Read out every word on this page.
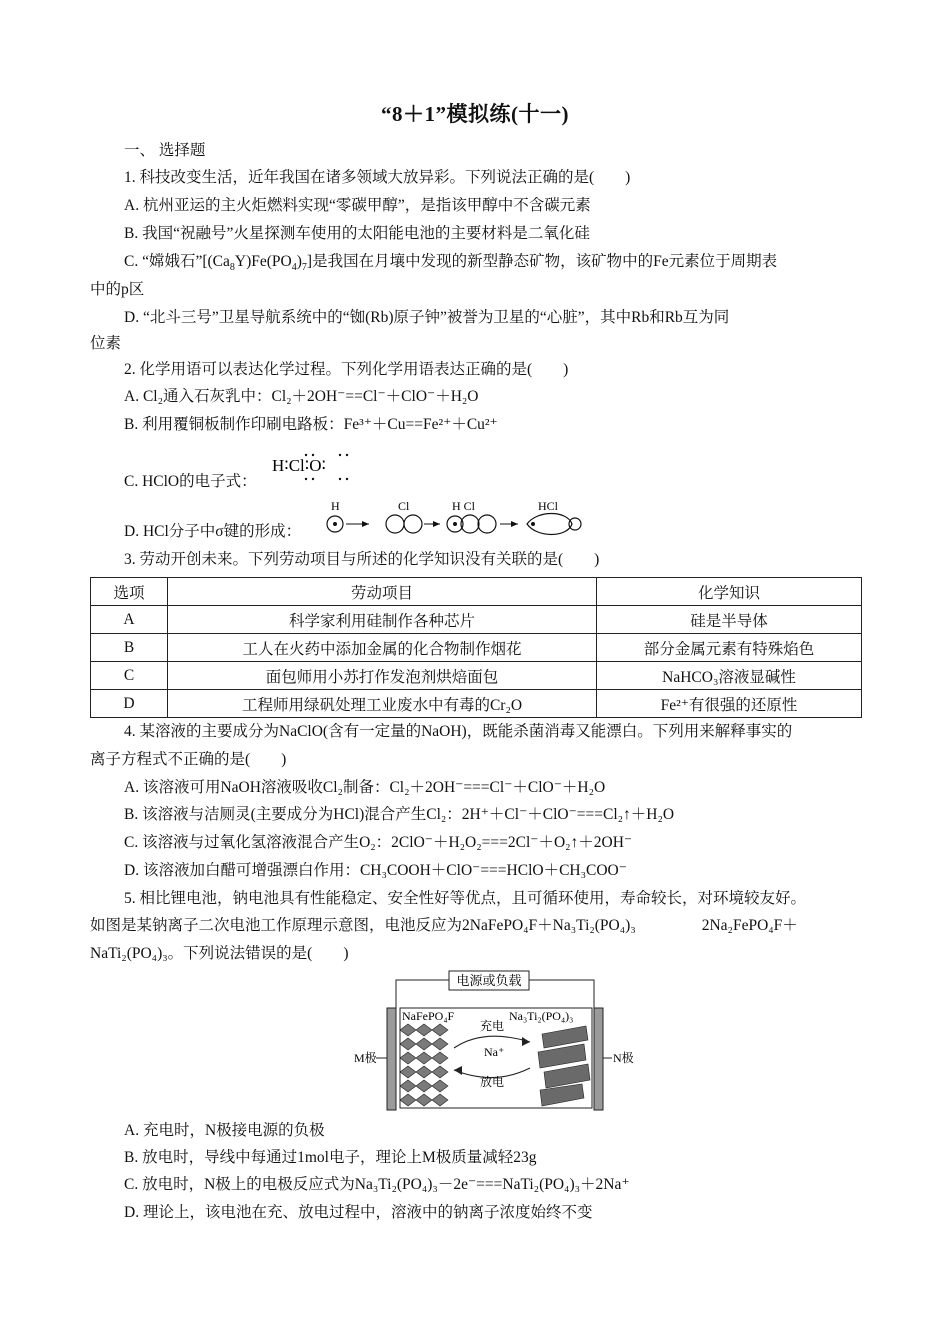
“8＋1”模拟练(十一)
一、 选择题
1. 科技改变生活，近年我国在诸多领域大放异彩。下列说法正确的是(　　)
A. 杭州亚运的主火炬燃料实现“零碳甲醇”，是指该甲醇中不含碳元素
B. 我国“祝融号”火星探测车使用的太阳能电池的主要材料是二氧化硅
C. “嫦娥石$”[(Ca_8Y)Fe(PO_4)_7]$是我国在月壤中发现的新型静态矿物，该矿物中的Fe元素位于周期表
中的p区
D. “北斗三号”卫星导航系统中的“铷(Rb)原子钟”被誉为卫星的“心脏”，其中Rb和Rb互为同
位素
2. 化学用语可以表达化学过程。下列化学用语表达正确的是(　　)
A. Cl₂通入石灰乳中：Cl₂＋2OH⁻==Cl⁻＋ClO⁻＋H₂O
B. 利用覆铜板制作印刷电路板：Fe³⁺＋Cu==Fe²⁺＋Cu²⁺
C. HClO的电子式：
H∶Cl∶O∶
D. HCl分子中σ键的形成：
H	Cl	H Cl	HCl
3. 劳动开创未来。下列劳动项目与所述的化学知识没有关联的是(　　)
选项	劳动项目	化学知识
A	科学家利用硅制作各种芯片	硅是半导体
B	工人在火药中添加金属的化合物制作烟花	部分金属元素有特殊焰色
C	面包师用小苏打作发泡剂烘焙面包	NaHCO₃溶液显碱性
D	工程师用绿矾处理工业废水中有毒的Cr₂O	Fe²⁺有很强的还原性
4. 某溶液的主要成分为NaClO(含有一定量的NaOH)，既能杀菌消毒又能漂白。下列用来解释事实的
离子方程式不正确的是(　　)
A. 该溶液可用NaOH溶液吸收Cl₂制备：Cl₂＋2OH⁻===Cl⁻＋ClO⁻＋H₂O
B. 该溶液与洁厕灵(主要成分为HCl)混合产生Cl₂：2H⁺＋Cl⁻＋ClO⁻===Cl₂↑＋H₂O
C. 该溶液与过氧化氢溶液混合产生O₂：2ClO⁻＋H₂O₂===2Cl⁻＋O₂↑＋2OH⁻
D. 该溶液加白醋可增强漂白作用：CH₃COOH＋ClO⁻===HClO＋CH₃COO⁻
5. 相比锂电池，钠电池具有性能稳定、安全性好等优点，且可循环使用，寿命较长，对环境较友好。
如图是某钠离子二次电池工作原理示意图，电池反应为2NaFePO₄F＋Na₃Ti₂(PO₄)₃	2Na₂FePO₄F＋
NaTi₂(PO₄)₃。下列说法错误的是(　　)
电源或负载
NaFePO₄F	Na₃Ti₂(PO₄)₃
充电
Na⁺
放电
M极	N极
A. 充电时，N极接电源的负极
B. 放电时，导线中每通过1mol电子，理论上M极质量减轻23g
C. 放电时，N极上的电极反应式为Na₃Ti₂(PO₄)₃－2e⁻===NaTi₂(PO₄)₃＋2Na⁺
D. 理论上，该电池在充、放电过程中，溶液中的钠离子浓度始终不变
